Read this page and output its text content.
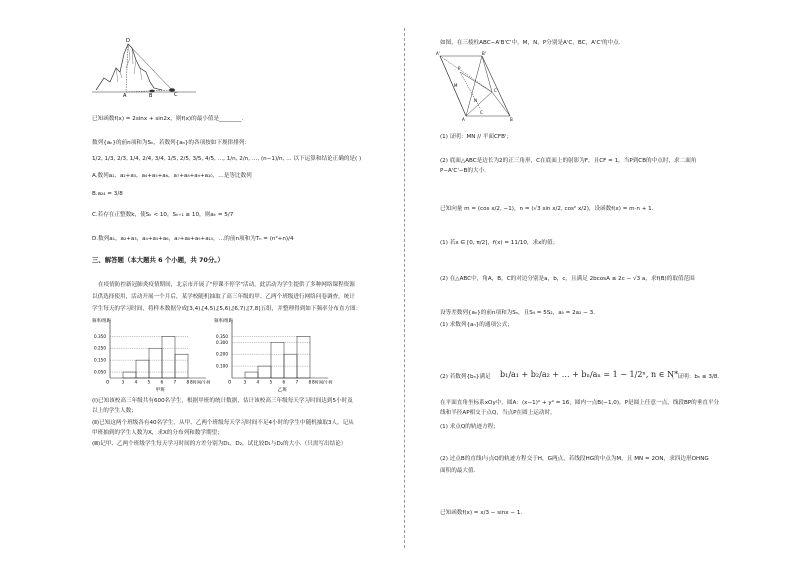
D
A	B	C
已知函数f(x) = 2sinx + sin2x，则f(x)的最小值是________.
数列{aₙ}的前n项和为Sₙ，若数列{aₙ}的各项按如下规律排列：
1/2, 1/3, 2/3, 1/4, 2/4, 3/4, 1/5, 2/5, 3/5, 4/5, …, 1/n, 2/n, …, (n−1)/n, … 以下运算和结论正确的是( )
A.数列a₁，a₂+a₃，a₄+a₅+a₆，a₇+a₈+a₉+a₁₀，…是等比数列
B.a₂₄ = 3/8
C.若存在正整数k，使Sₖ < 10，Sₖ₊₁ ≥ 10，则aₖ = 5/7
D.数列a₁，a₂+a₃，a₄+a₅+a₆，a₇+a₈+a₉+a₁₀，…的前n项和为Tₙ = (n²+n)/4
三、解答题（本大题共 6 个小题，共 70分。）
在疫情防控新冠肺炎疫情期间，北京市开展了"停课不停学"活动，此活动为学生提供了多种网络课程资源
以供选择使用，活动开展一个月后，某学校随机抽取了高三年级的甲、乙两个班级进行网络问卷调查，统计
学生每天的学习时间，将样本数据分成[3,4),[4,5),[5,6),[6,7),[7,8]五组，并整理得到如下频率分布直方图：
频率/组距
0.350
0.250
0.150
0.050
O	3 4 5 6 7 8 8时间/小时
甲班
频率/组距
0.350
0.300
0.200
0.100
O	3 4 5 6 7 8 8时间/小时
乙班
(Ⅰ)已知该校高三年级共有600名学生，根据甲班的统计数据，估计该校高三年级每天学习时间达到5小时及
以上的学生人数；
(Ⅱ)已知这两个班级各有40名学生，从甲、乙两个班级每天学习时间不足4小时的学生中随机抽取3人，记从
甲班抽到的学生人数为X，求X的分布列和数学期望；
(Ⅲ)记甲、乙两个班级学生每天学习时间的方差分别为D₁，D₂，试比较D₁与D₂的大小.（只需写出结论）
如图，在三棱柱ABC−A'B'C'中，M，N，P分别是A'C，BC，A'C'的中点.
A'	B'
C'
A	B
C
M
N
P
(1) 证明：MN // 平面CFB'；
(2) 底面△ABC是边长为2的正三角形，C在底面上的射影为F，且CF = 1，当P到CB的中点时，求二面角
P−A'C'−B的大小.
已知向量 m = (cos x/2, −1)，n = (√3 sin x/2, cos² x/2)，设函数f(x) = m·n + 1.
(1) 若x ∈ [0, π/2]，f(x) = 11/10，求x的值；
(2) 在△ABC中，角A，B，C的对边分别是a，b，c，且满足 2bcosA ≤ 2c − √3 a，求f(B)的取值范围
设等差数列{aₙ}的前n项和为Sₙ，且S₄ = 5S₂，a₅ = 2a₂ − 3.
(1) 求数列{aₙ}的通项公式；
(2) 若数列{bₙ}满足 b₁/a₁ + b₂/a₂ + … + bₙ/aₙ = 1 − 1/2ⁿ, n ∈ N*
，证明：bₙ ≤ 3/8.
在平面直角坐标系xOy中，圆A：(x−1)² + y² = 16，圆内一点B(−1,0)，P是圆上任意一点，线段BP的垂直平分
线和半径AP相交于点Q，当点P在圆上运动时，
(1) 求点Q的轨迹方程；
(2) 过点B的直线l与点Q的轨迹方程交于H，G两点，若线段HG的中点为M，且 MN = 2ON，求四边形OHNG
面积的最大值.
已知函数f(x) = x/3 − sinx − 1.
